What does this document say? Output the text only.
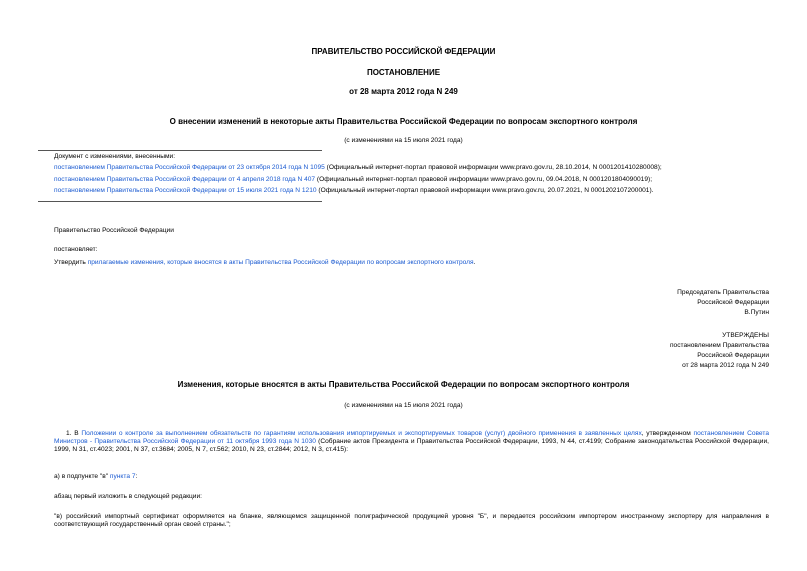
ПРАВИТЕЛЬСТВО РОССИЙСКОЙ ФЕДЕРАЦИИ
ПОСТАНОВЛЕНИЕ
от 28 марта 2012 года N 249
О внесении изменений в некоторые акты Правительства Российской Федерации по вопросам экспортного контроля
(с изменениями на 15 июля 2021 года)
Документ с изменениями, внесенными:
постановлением Правительства Российской Федерации от 23 октября 2014 года N 1095 (Официальный интернет-портал правовой информации www.pravo.gov.ru, 28.10.2014, N 0001201410280008);
постановлением Правительства Российской Федерации от 4 апреля 2018 года N 407 (Официальный интернет-портал правовой информации www.pravo.gov.ru, 09.04.2018, N 0001201804090019);
постановлением Правительства Российской Федерации от 15 июля 2021 года N 1210 (Официальный интернет-портал правовой информации www.pravo.gov.ru, 20.07.2021, N 0001202107200001).
Правительство Российской Федерации
постановляет:
Утвердить прилагаемые изменения, которые вносятся в акты Правительства Российской Федерации по вопросам экспортного контроля.
Председатель Правительства
Российской Федерации
В.Путин
УТВЕРЖДЕНЫ
постановлением Правительства
Российской Федерации
от 28 марта 2012 года N 249
Изменения, которые вносятся в акты Правительства Российской Федерации по вопросам экспортного контроля
(с изменениями на 15 июля 2021 года)
1. В Положении о контроле за выполнением обязательств по гарантиям использования импортируемых и экспортируемых товаров (услуг) двойного применения в заявленных целях, утвержденном постановлением Совета Министров - Правительства Российской Федерации от 11 октября 1993 года N 1030 (Собрание актов Президента и Правительства Российской Федерации, 1993, N 44, ст.4199; Собрание законодательства Российской Федерации, 1999, N 31, ст.4023; 2001, N 37, ст.3684; 2005, N 7, ст.562; 2010, N 23, ст.2844; 2012, N 3, ст.415):
а) в подпункте "в" пункта 7:
абзац первый изложить в следующей редакции:
"в) российский импортный сертификат оформляется на бланке, являющемся защищенной полиграфической продукцией уровня "Б", и передается российским импортером иностранному экспортеру для направления в соответствующий государственный орган своей страны.";
